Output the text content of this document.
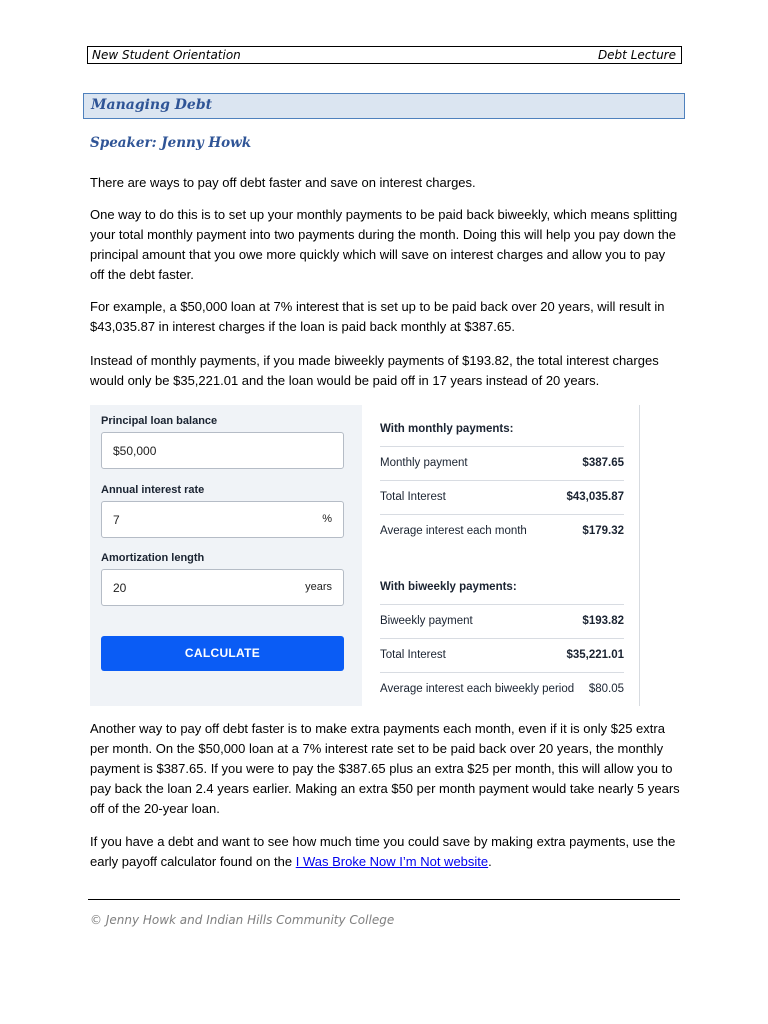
New Student Orientation	Debt Lecture
Managing Debt
Speaker: Jenny Howk

There are ways to pay off debt faster and save on interest charges.

One way to do this is to set up your monthly payments to be paid back biweekly, which means splitting your total monthly payment into two payments during the month. Doing this will help you pay down the principal amount that you owe more quickly which will save on interest charges and allow you to pay off the debt faster.

For example, a $50,000 loan at 7% interest that is set up to be paid back over 20 years, will result in $43,035.87 in interest charges if the loan is paid back monthly at $387.65.

Instead of monthly payments, if you made biweekly payments of $193.82, the total interest charges would only be $35,221.01 and the loan would be paid off in 17 years instead of 20 years.

Principal loan balance
$50,000
Annual interest rate
7	%
Amortization length
20	years
CALCULATE
With monthly payments:
Monthly payment	$387.65
Total Interest	$43,035.87
Average interest each month	$179.32
With biweekly payments:
Biweekly payment	$193.82
Total Interest	$35,221.01
Average interest each biweekly period $80.05

Another way to pay off debt faster is to make extra payments each month, even if it is only $25 extra per month. On the $50,000 loan at a 7% interest rate set to be paid back over 20 years, the monthly payment is $387.65. If you were to pay the $387.65 plus an extra $25 per month, this will allow you to pay back the loan 2.4 years earlier. Making an extra $50 per month payment would take nearly 5 years off of the 20-year loan.

If you have a debt and want to see how much time you could save by making extra payments, use the early payoff calculator found on the I Was Broke Now I’m Not website.

© Jenny Howk and Indian Hills Community College
